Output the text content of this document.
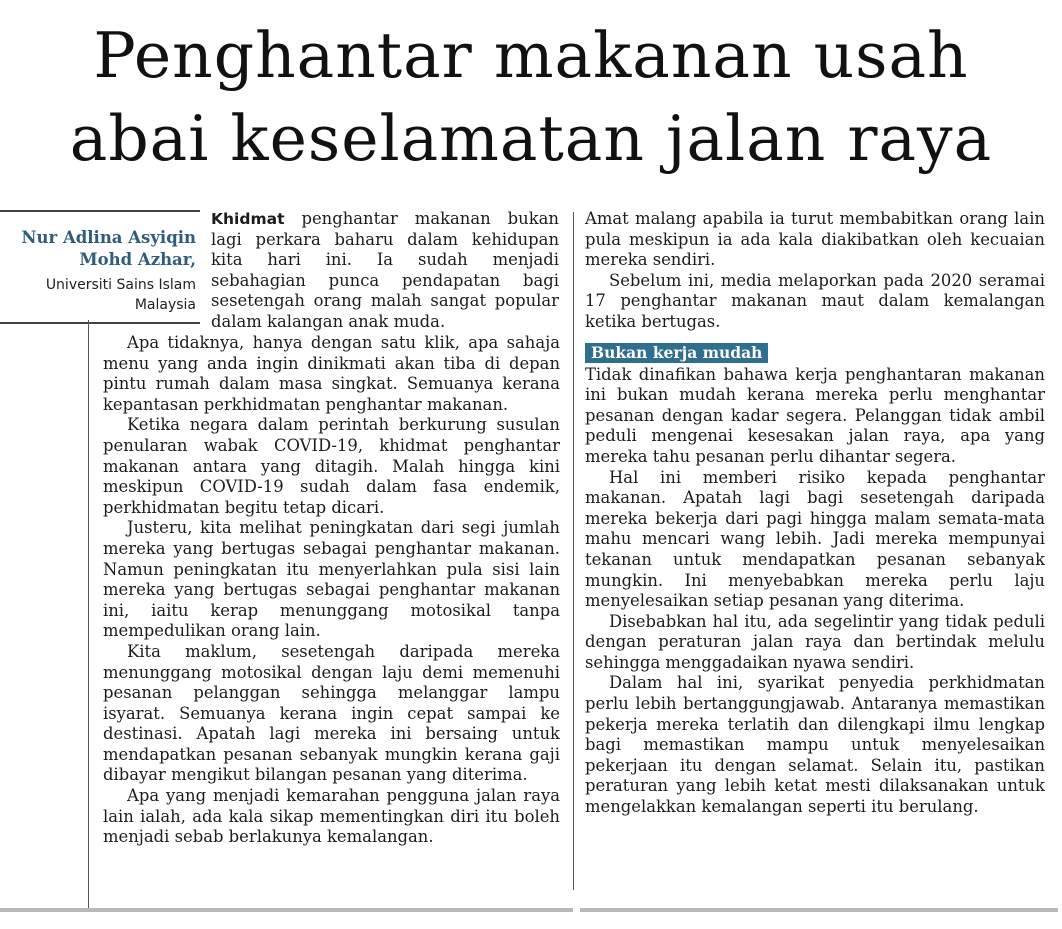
Penghantar makanan usah
abai keselamatan jalan raya
Nur Adlina Asyiqin
Mohd Azhar,
Universiti Sains Islam
Malaysia

Khidmat penghantar makanan bukan lagi perkara baharu dalam kehidupan kita hari ini. Ia sudah menjadi sebahagian punca pendapatan bagi sesetengah orang malah sangat popular dalam kalangan anak muda.

Apa tidaknya, hanya dengan satu klik, apa sahaja menu yang anda ingin dinikmati akan tiba di depan pintu rumah dalam masa singkat. Semuanya kerana kepantasan perkhidmatan penghantar makanan.

Ketika negara dalam perintah berkurung susulan penularan wabak COVID-19, khidmat penghantar makanan antara yang ditagih. Malah hingga kini meskipun COVID-19 sudah dalam fasa endemik, perkhidmatan begitu tetap dicari.

Justeru, kita melihat peningkatan dari segi jumlah mereka yang bertugas sebagai penghantar makanan. Namun peningkatan itu menyerlahkan pula sisi lain mereka yang bertugas sebagai penghantar makanan ini, iaitu kerap menunggang motosikal tanpa mempedulikan orang lain.

Kita maklum, sesetengah daripada mereka menunggang motosikal dengan laju demi memenuhi pesanan pelanggan sehingga melanggar lampu isyarat. Semuanya kerana ingin cepat sampai ke destinasi. Apatah lagi mereka ini bersaing untuk mendapatkan pesanan sebanyak mungkin kerana gaji dibayar mengikut bilangan pesanan yang diterima.

Apa yang menjadi kemarahan pengguna jalan raya lain ialah, ada kala sikap mementingkan diri itu boleh menjadi sebab berlakunya kemalangan.

Amat malang apabila ia turut membabitkan orang lain pula meskipun ia ada kala diakibatkan oleh kecuaian mereka sendiri.

Sebelum ini, media melaporkan pada 2020 seramai 17 penghantar makanan maut dalam kemalangan ketika bertugas.

Bukan kerja mudah

Tidak dinafikan bahawa kerja penghantaran makanan ini bukan mudah kerana mereka perlu menghantar pesanan dengan kadar segera. Pelanggan tidak ambil peduli mengenai kesesakan jalan raya, apa yang mereka tahu pesanan perlu dihantar segera.

Hal ini memberi risiko kepada penghantar makanan. Apatah lagi bagi sesetengah daripada mereka bekerja dari pagi hingga malam semata-mata mahu mencari wang lebih. Jadi mereka mempunyai tekanan untuk mendapatkan pesanan sebanyak mungkin. Ini menyebabkan mereka perlu laju menyelesaikan setiap pesanan yang diterima.

Disebabkan hal itu, ada segelintir yang tidak peduli dengan peraturan jalan raya dan bertindak melulu sehingga menggadaikan nyawa sendiri.

Dalam hal ini, syarikat penyedia perkhidmatan perlu lebih bertanggungjawab. Antaranya memastikan pekerja mereka terlatih dan dilengkapi ilmu lengkap bagi memastikan mampu untuk menyelesaikan pekerjaan itu dengan selamat. Selain itu, pastikan peraturan yang lebih ketat mesti dilaksanakan untuk mengelakkan kemalangan seperti itu berulang.
